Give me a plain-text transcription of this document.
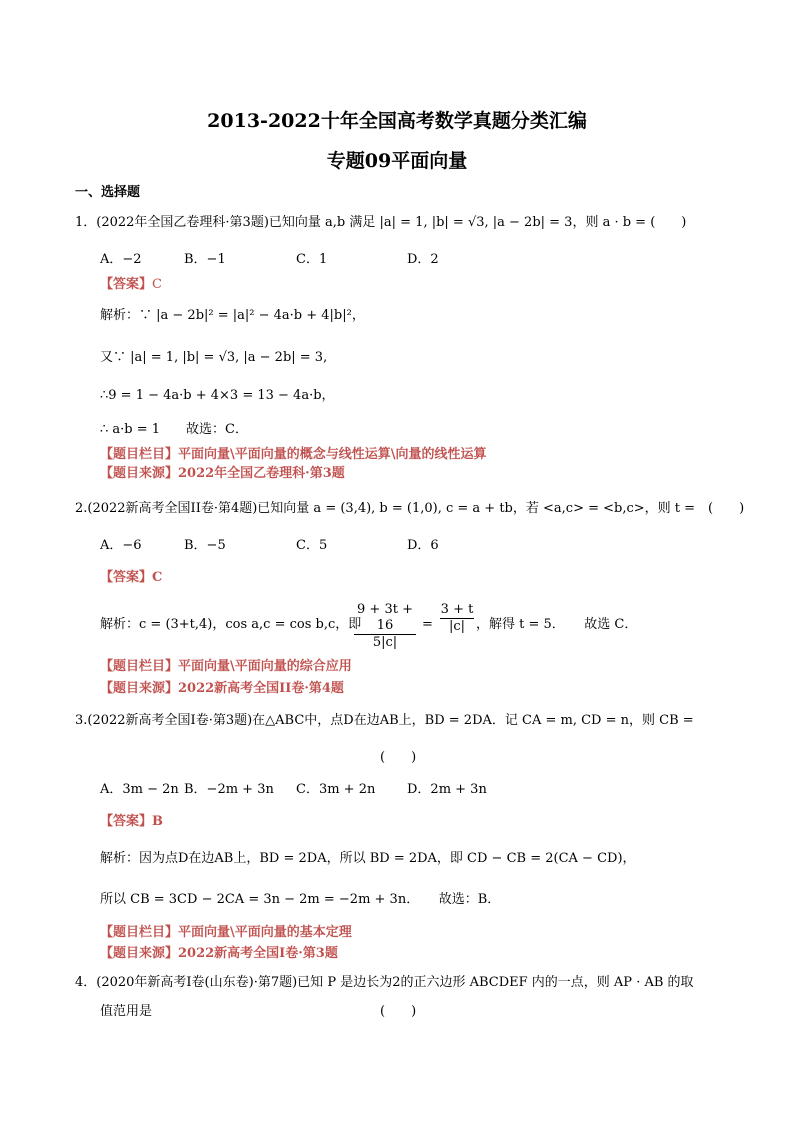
2013-2022十年全国高考数学真题分类汇编
专题09平面向量
一、选择题
1．(2022年全国乙卷理科·第3题)已知向量 a,b 满足 |a| = 1, |b| = √3, |a − 2b| = 3，则 a · b = (　　)
A．−2	B．−1	C．1	D．2
【答案】C
解析：∵ |a − 2b|² = |a|² − 4a·b + 4|b|²，
又∵ |a| = 1, |b| = √3, |a − 2b| = 3,
∴9 = 1 − 4a·b + 4×3 = 13 − 4a·b，
∴ a·b = 1　　故选：C．
【题目栏目】平面向量\平面向量的概念与线性运算\向量的线性运算
【题目来源】2022年全国乙卷理科·第3题
2.(2022新高考全国II卷·第4题)已知向量 a = (3,4), b = (1,0), c = a + tb，若 <a,c> = <b,c>，则 t =　(　　)
A．−6	B．−5	C．5	D．6
【答案】C
解析：c = (3+t,4)，cos a,c = cos b,c，即
$\frac{9 + 3t + 16}{5|c|} = \frac{3 + t}{|c|}$ ，解得 t = 5．　　故选 C．
【题目栏目】平面向量\平面向量的综合应用
【题目来源】2022新高考全国II卷·第4题
3.(2022新高考全国I卷·第3题)在△ABC中，点D在边AB上，BD = 2DA．记 CA = m, CD = n，则 CB =
(　　)
A．3m − 2n B．−2m + 3n C．3m + 2n D．2m + 3n
【答案】B
解析：因为点D在边AB上，BD = 2DA，所以 BD = 2DA，即 CD − CB = 2(CA − CD)，
所以 CB = 3CD − 2CA = 3n − 2m = −2m + 3n．　　故选：B．
【题目栏目】平面向量\平面向量的基本定理
【题目来源】2022新高考全国I卷·第3题
4．(2020年新高考I卷(山东卷)·第7题)已知 P 是边长为2的正六边形 ABCDEF 内的一点，则 AP · AB 的取
值范用是	(　　)
